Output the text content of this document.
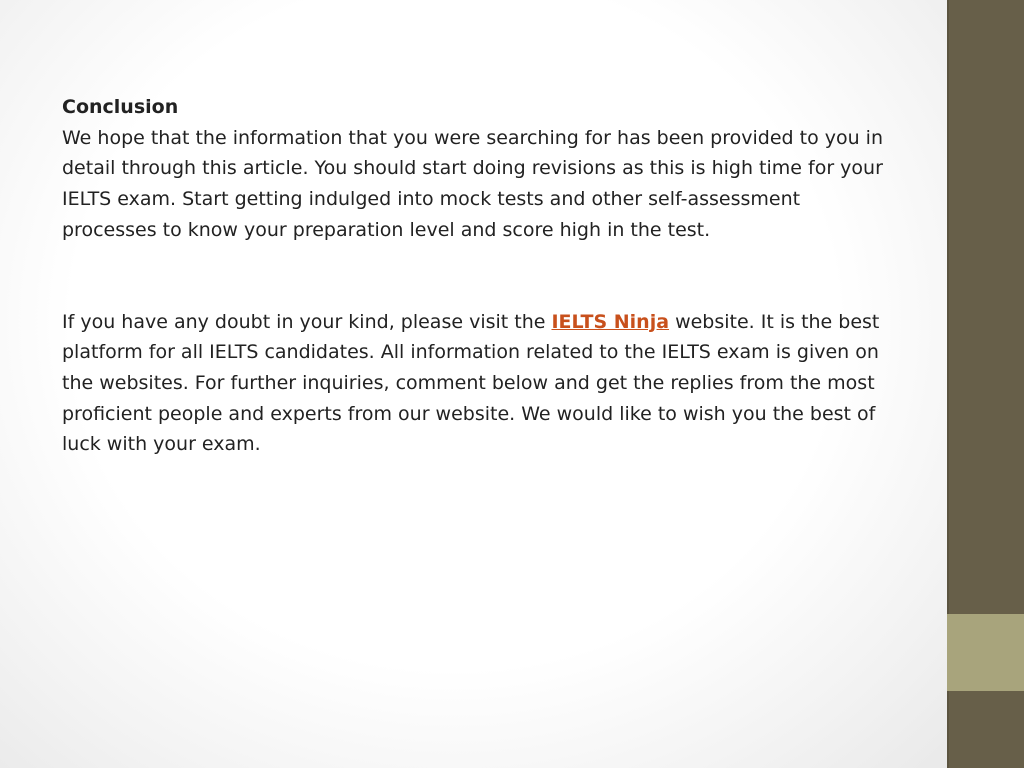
Conclusion

We hope that the information that you were searching for has been provided to you in detail through this article. You should start doing revisions as this is high time for your IELTS exam. Start getting indulged into mock tests and other self-assessment processes to know your preparation level and score high in the test.

If you have any doubt in your kind, please visit the IELTS Ninja website. It is the best platform for all IELTS candidates. All information related to the IELTS exam is given on the websites. For further inquiries, comment below and get the replies from the most proficient people and experts from our website. We would like to wish you the best of luck with your exam.
